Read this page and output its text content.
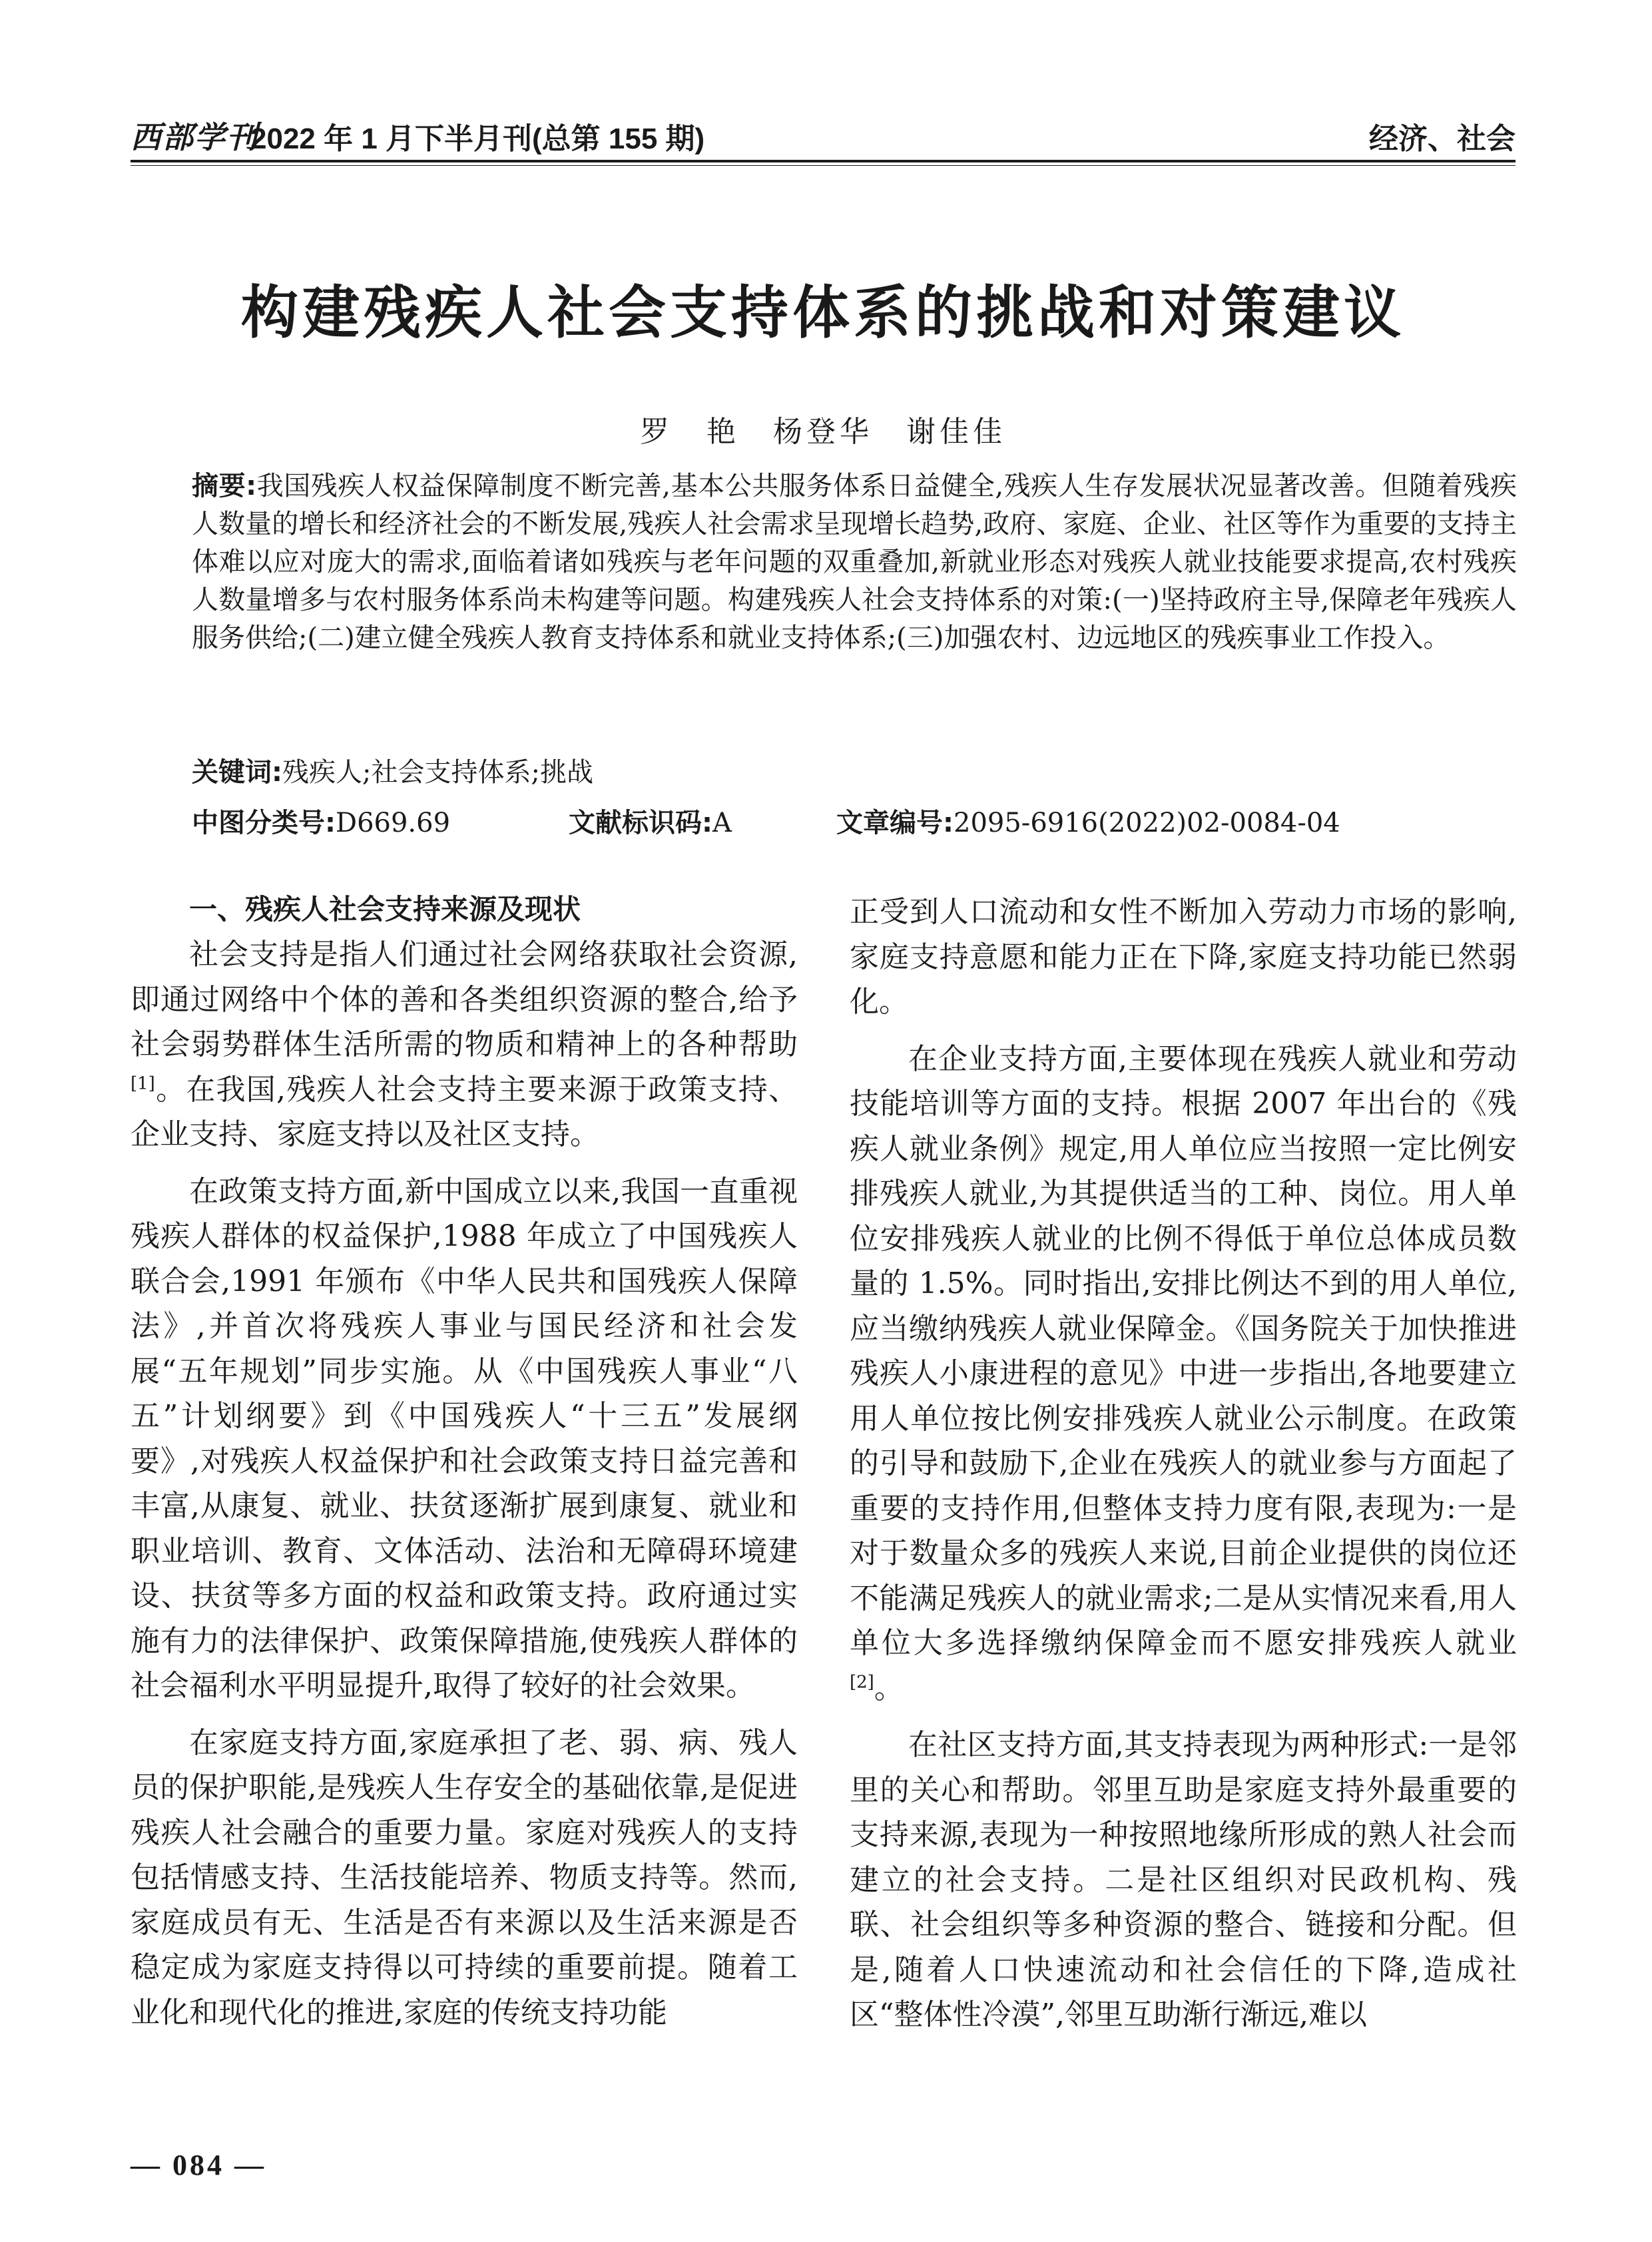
西部学刊
2022 年 1 月下半月刊(总第 155 期)	经济、社会
构建残疾人社会支持体系的挑战和对策建议
罗　艳　杨登华　谢佳佳
摘要:我国残疾人权益保障制度不断完善,基本公共服务体系日益健全,残疾人生存发展状况显著改善。但随着残疾人数量的增长和经济社会的不断发展,残疾人社会需求呈现增长趋势,政府、家庭、企业、社区等作为重要的支持主体难以应对庞大的需求,面临着诸如残疾与老年问题的双重叠加,新就业形态对残疾人就业技能要求提高,农村残疾人数量增多与农村服务体系尚未构建等问题。构建残疾人社会支持体系的对策:(一)坚持政府主导,保障老年残疾人服务供给;(二)建立健全残疾人教育支持体系和就业支持体系;(三)加强农村、边远地区的残疾事业工作投入。
关键词:残疾人;社会支持体系;挑战
中图分类号:D669.69	文献标识码:A	文章编号:2095-6916(2022)02-0084-04
一、残疾人社会支持来源及现状

社会支持是指人们通过社会网络获取社会资源,即通过网络中个体的善和各类组织资源的整合,给予社会弱势群体生活所需的物质和精神上的各种帮助[1]。在我国,残疾人社会支持主要来源于政策支持、企业支持、家庭支持以及社区支持。

在政策支持方面,新中国成立以来,我国一直重视残疾人群体的权益保护,1988 年成立了中国残疾人联合会,1991 年颁布《中华人民共和国残疾人保障法》,并首次将残疾人事业与国民经济和社会发展“五年规划”同步实施。从《中国残疾人事业“八五”计划纲要》到《中国残疾人“十三五”发展纲要》,对残疾人权益保护和社会政策支持日益完善和丰富,从康复、就业、扶贫逐渐扩展到康复、就业和职业培训、教育、文体活动、法治和无障碍环境建设、扶贫等多方面的权益和政策支持。政府通过实施有力的法律保护、政策保障措施,使残疾人群体的社会福利水平明显提升,取得了较好的社会效果。

在家庭支持方面,家庭承担了老、弱、病、残人员的保护职能,是残疾人生存安全的基础依靠,是促进残疾人社会融合的重要力量。家庭对残疾人的支持包括情感支持、生活技能培养、物质支持等。然而,家庭成员有无、生活是否有来源以及生活来源是否稳定成为家庭支持得以可持续的重要前提。随着工业化和现代化的推进,家庭的传统支持功能

正受到人口流动和女性不断加入劳动力市场的影响,家庭支持意愿和能力正在下降,家庭支持功能已然弱化。

在企业支持方面,主要体现在残疾人就业和劳动技能培训等方面的支持。根据 2007 年出台的《残疾人就业条例》规定,用人单位应当按照一定比例安排残疾人就业,为其提供适当的工种、岗位。用人单位安排残疾人就业的比例不得低于单位总体成员数量的 1.5%。同时指出,安排比例达不到的用人单位,应当缴纳残疾人就业保障金。《国务院关于加快推进残疾人小康进程的意见》中进一步指出,各地要建立用人单位按比例安排残疾人就业公示制度。在政策的引导和鼓励下,企业在残疾人的就业参与方面起了重要的支持作用,但整体支持力度有限,表现为:一是对于数量众多的残疾人来说,目前企业提供的岗位还不能满足残疾人的就业需求;二是从实情况来看,用人单位大多选择缴纳保障金而不愿安排残疾人就业[2]。

在社区支持方面,其支持表现为两种形式:一是邻里的关心和帮助。邻里互助是家庭支持外最重要的支持来源,表现为一种按照地缘所形成的熟人社会而建立的社会支持。二是社区组织对民政机构、残联、社会组织等多种资源的整合、链接和分配。但是,随着人口快速流动和社会信任的下降,造成社区“整体性冷漠”,邻里互助渐行渐远,难以

— 084 —
